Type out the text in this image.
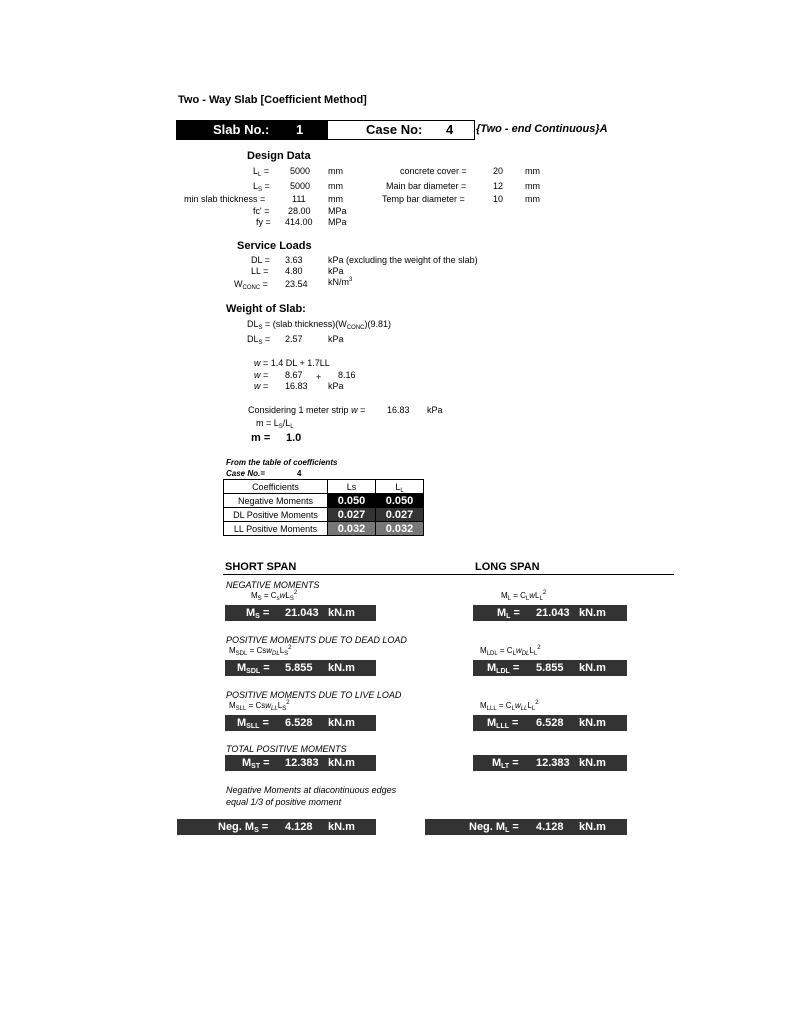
Two - Way Slab [Coefficient Method]
Slab No.: 1	Case No: 4 {Two - end Continuous}A
Design Data
$L_L = 5000$ mm
$L_S = 5000$ mm
min slab thickness =	111 mm
fc' = 28.00 MPa
fy = 414.00 MPa
concrete cover =	20 mm
Main bar diameter =	12 mm
Temp bar diameter =	10 mm
Service Loads
DL = 3.63	kPa (excluding the weight of the slab)
LL = 4.80	kPa
$W_{CONC} = 23.54$ $kN/m^3$
Weight of Slab:
$DL_S$ = (slab $thickness)(W_{CONC})(9.81)$
$DL_S = 2.57$	kPa
w = 1.4 DL + 1.7LL
w = 8.67 + 8.16
w = 16.83 kPa
Considering 1 meter strip w = 16.83 kPa
$m = L_S/L_L$
m = 1.0
From the table of coefficients
Case No.=	4
Coefficients	Ls	$L_L$
Negative Moments	0.050	0.050
DL Positive Moments	0.027	0.027
LL Positive Moments	0.032	0.032
SHORT SPAN	LONG SPAN
NEGATIVE MOMENTS
$M_S = C_swL_S^2$	$M_L = C_LwL_L^2$
$M_S = 21.043$ kN.m	$M_L = 21.043$ kN.m
POSITIVE MOMENTS DUE TO DEAD LOAD
$M_{SDL} = Csw_{DL}L_S^2$	$M_{LDL} = C_Lw_{DL}L_L^2$
$M_{SDL} = 5.855$ kN.m	$M_{LDL} = 5.855$ kN.m
POSITIVE MOMENTS DUE TO LIVE LOAD
$M_{SLL} = Csw_{LL}L_S^2$	$M_{LLL} = C_Lw_{LL}L_L^2$
$M_{SLL} = 6.528$ kN.m	$M_{LLL} = 6.528$ kN.m
TOTAL POSITIVE MOMENTS
$M_{ST} = 12.383$ kN.m	$M_{LT} = 12.383$ kN.m
Negative Moments at diacontinuous edges
equal 1/3 of positive moment
Neg. $M_S = 4.128$ kN.m	Neg. $M_L = 4.128$ kN.m
